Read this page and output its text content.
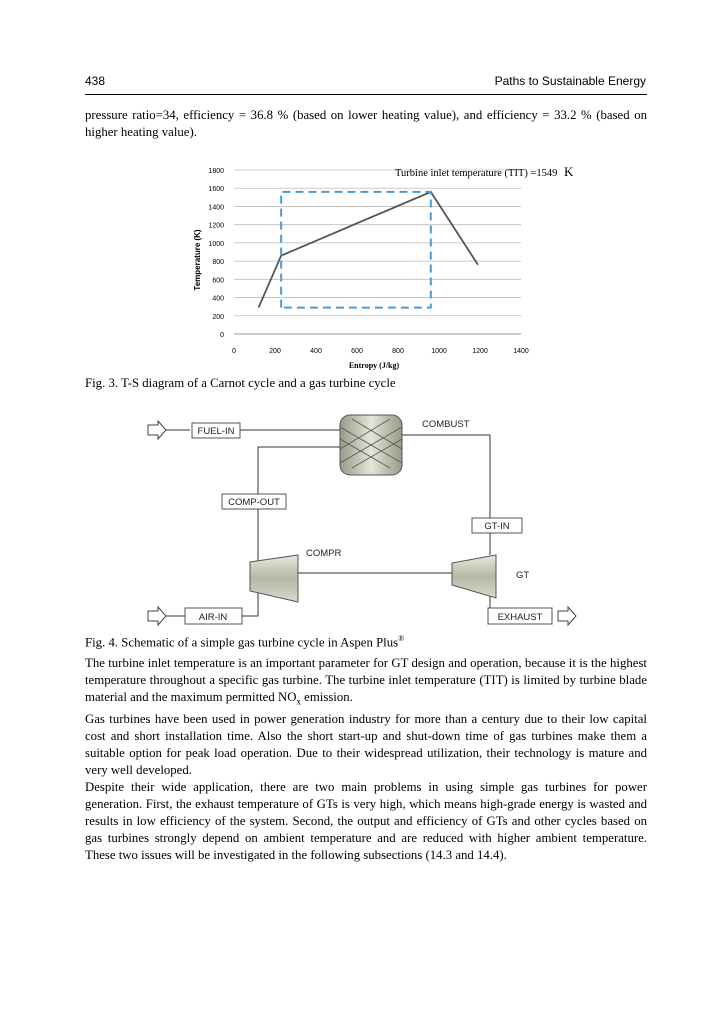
438	Paths to Sustainable Energy
pressure ratio=34, efficiency = 36.8 % (based on lower heating value), and efficiency = 33.2 % (based on higher heating value).
0
200
400
600
800
1000
1200
1400
1600
1800
0	200	400	600	800	1000	1200	1400
Temperature (K)
Entropy (J/kg)
Turbine inlet temperature (TIT) =1549 K
Fig. 3. T-S diagram of a Carnot cycle and a gas turbine cycle
FUEL-IN
COMBUST
COMP-OUT
GT-IN
COMPR
GT
AIR-IN	EXHAUST
Fig. 4. Schematic of a simple gas turbine cycle in Aspen Plus®

The turbine inlet temperature is an important parameter for GT design and operation, because it is the highest temperature throughout a specific gas turbine. The turbine inlet temperature (TIT) is limited by turbine blade material and the maximum permitted $NO_x$ emission.

Gas turbines have been used in power generation industry for more than a century due to their low capital cost and short installation time. Also the short start-up and shut-down time of gas turbines make them a suitable option for peak load operation. Due to their widespread utilization, their technology is mature and very well developed.

Despite their wide application, there are two main problems in using simple gas turbines for power generation. First, the exhaust temperature of GTs is very high, which means high-grade energy is wasted and results in low efficiency of the system. Second, the output and efficiency of GTs and other cycles based on gas turbines strongly depend on ambient temperature and are reduced with higher ambient temperature. These two issues will be investigated in the following subsections (14.3 and 14.4).
